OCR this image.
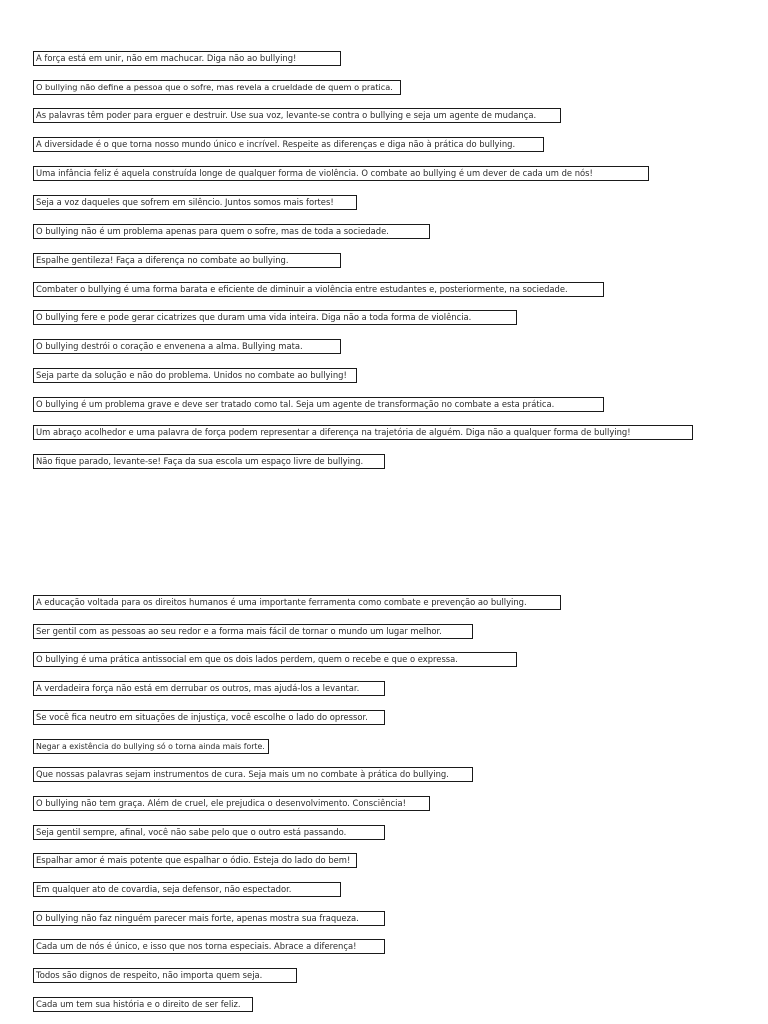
A força está em unir, não em machucar. Diga não ao bullying!
O bullying não define a pessoa que o sofre, mas revela a crueldade de quem o pratica.
As palavras têm poder para erguer e destruir. Use sua voz, levante-se contra o bullying e seja um agente de mudança.
A diversidade é o que torna nosso mundo único e incrível. Respeite as diferenças e diga não à prática do bullying.
Uma infância feliz é aquela construída longe de qualquer forma de violência. O combate ao bullying é um dever de cada um de nós!
Seja a voz daqueles que sofrem em silêncio. Juntos somos mais fortes!
O bullying não é um problema apenas para quem o sofre, mas de toda a sociedade.
Espalhe gentileza! Faça a diferença no combate ao bullying.
Combater o bullying é uma forma barata e eficiente de diminuir a violência entre estudantes e, posteriormente, na sociedade.
O bullying fere e pode gerar cicatrizes que duram uma vida inteira. Diga não a toda forma de violência.
O bullying destrói o coração e envenena a alma. Bullying mata.
Seja parte da solução e não do problema. Unidos no combate ao bullying!
O bullying é um problema grave e deve ser tratado como tal. Seja um agente de transformação no combate a esta prática.
Um abraço acolhedor e uma palavra de força podem representar a diferença na trajetória de alguém. Diga não a qualquer forma de bullying!
Não fique parado, levante-se! Faça da sua escola um espaço livre de bullying.
A educação voltada para os direitos humanos é uma importante ferramenta como combate e prevenção ao bullying.
Ser gentil com as pessoas ao seu redor e a forma mais fácil de tornar o mundo um lugar melhor.
O bullying é uma prática antissocial em que os dois lados perdem, quem o recebe e que o expressa.
A verdadeira força não está em derrubar os outros, mas ajudá-los a levantar.
Se você fica neutro em situações de injustiça, você escolhe o lado do opressor.
Negar a existência do bullying só o torna ainda mais forte.
Que nossas palavras sejam instrumentos de cura. Seja mais um no combate à prática do bullying.
O bullying não tem graça. Além de cruel, ele prejudica o desenvolvimento. Consciência!
Seja gentil sempre, afinal, você não sabe pelo que o outro está passando.
Espalhar amor é mais potente que espalhar o ódio. Esteja do lado do bem!
Em qualquer ato de covardia, seja defensor, não espectador.
O bullying não faz ninguém parecer mais forte, apenas mostra sua fraqueza.
Cada um de nós é único, e isso que nos torna especiais. Abrace a diferença!
Todos são dignos de respeito, não importa quem seja.
Cada um tem sua história e o direito de ser feliz.
